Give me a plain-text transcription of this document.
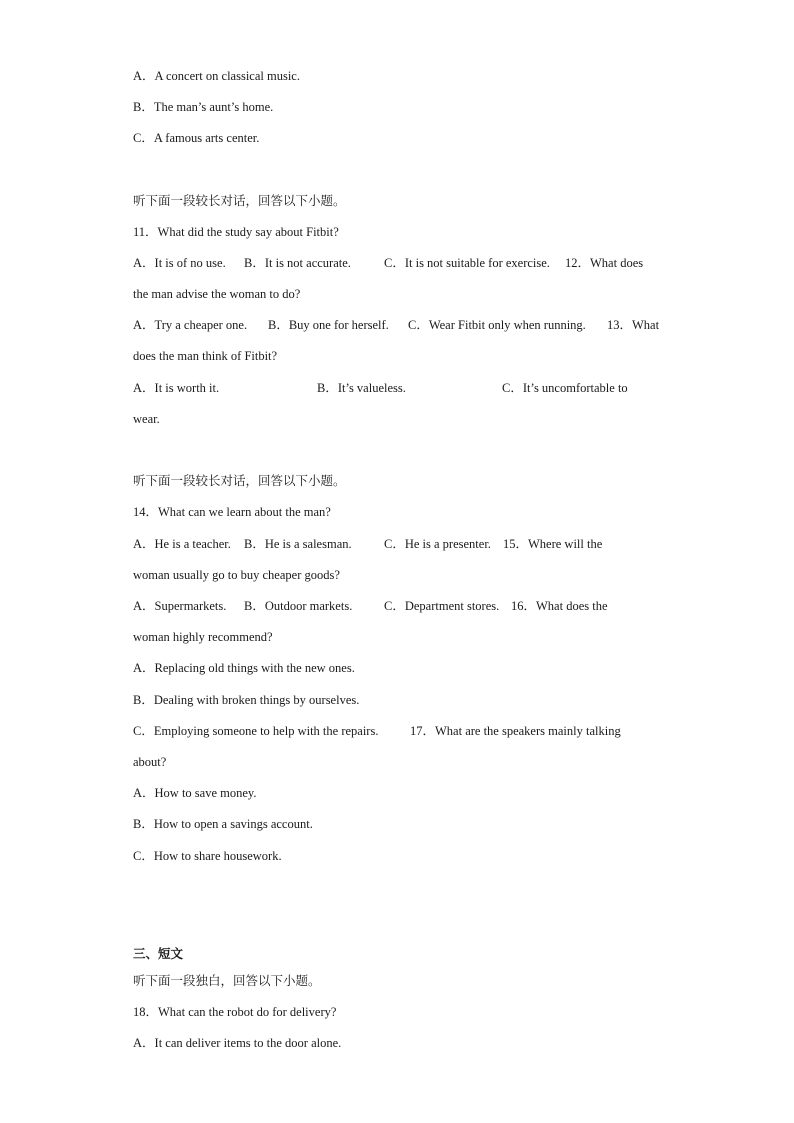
A．A concert on classical music.
B．The man’s aunt’s home.
C．A famous arts center.
听下面一段较长对话，回答以下小题。
11．What did the study say about Fitbit?
A．It is of no use. B．It is not accurate.	C．It is not suitable for exercise. 12．What does
the man advise the woman to do?
A．Try a cheaper one. B．Buy one for herself. C．Wear Fitbit only when running. 13．What
does the man think of Fitbit?
A．It is worth it.	B．It’s valueless.	C．It’s uncomfortable to
wear.
听下面一段较长对话，回答以下小题。
14．What can we learn about the man?
A．He is a teacher. B．He is a salesman.	C．He is a presenter. 15．Where will the
woman usually go to buy cheaper goods?
A．Supermarkets. B．Outdoor markets.	C．Department stores. 16．What does the
woman highly recommend?
A．Replacing old things with the new ones.
B．Dealing with broken things by ourselves.
C．Employing someone to help with the repairs.	17．What are the speakers mainly talking
about?
A．How to save money.
B．How to open a savings account.
C．How to share housework.
三、短文
听下面一段独白，回答以下小题。
18．What can the robot do for delivery?
A．It can deliver items to the door alone.
